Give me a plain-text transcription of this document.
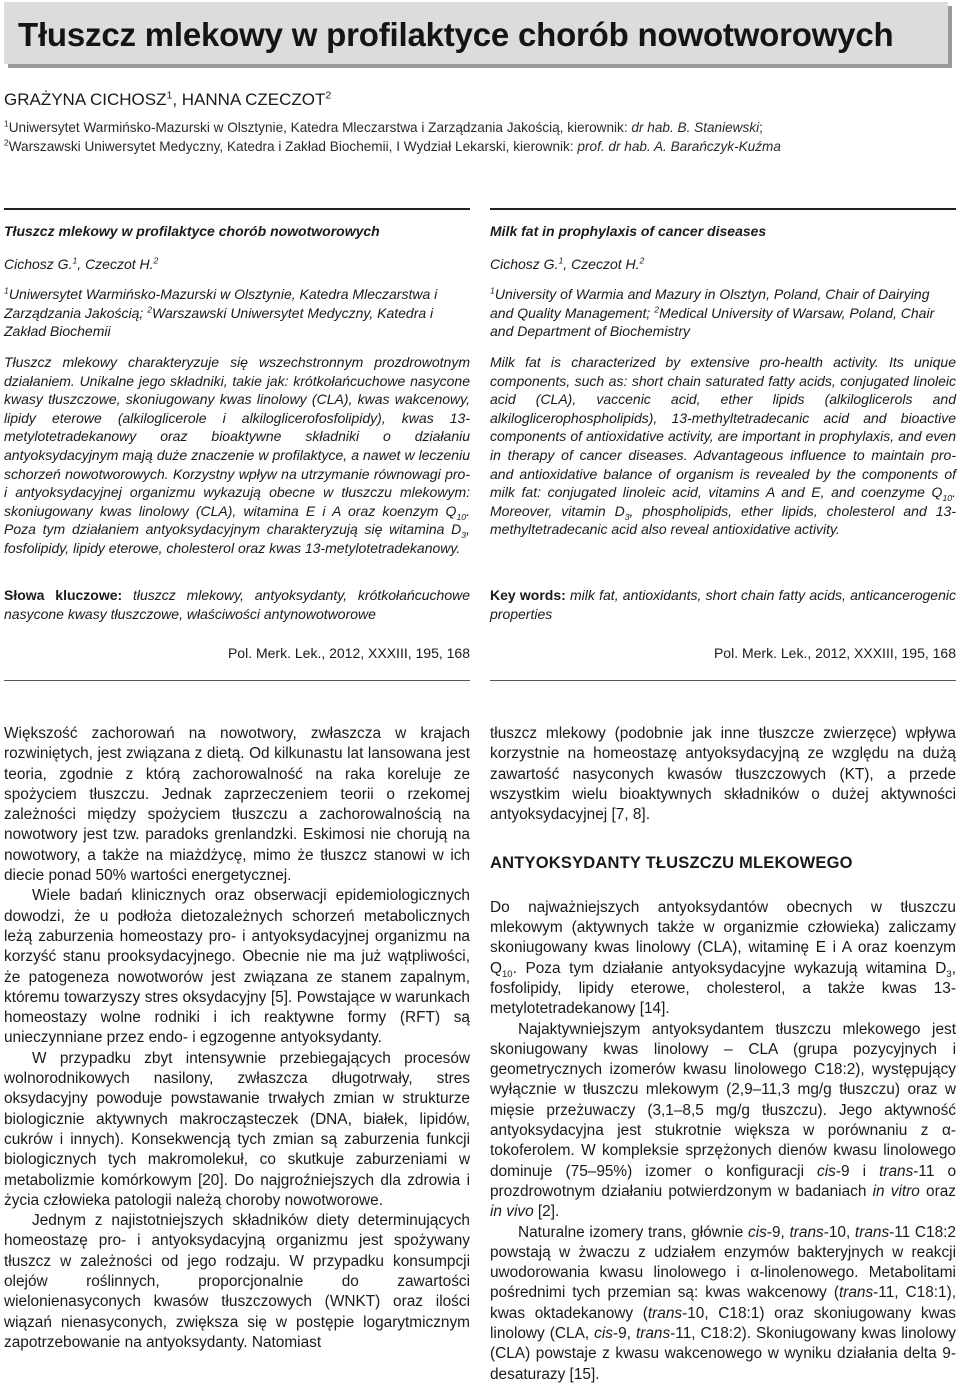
Tłuszcz mlekowy w profilaktyce chorób nowotworowych
GRAŻYNA CICHOSZ$^1$, HANNA CZECZOT$^2$
$^1$Uniwersytet Warmińsko-Mazurski w Olsztynie, Katedra Mleczarstwa i Zarządzania Jakością, kierownik: dr hab. B. Staniewski;
$^2$Warszawski Uniwersytet Medyczny, Katedra i Zakład Biochemii, I Wydział Lekarski, kierownik: prof. dr hab. A. Barańczyk-Kuźma
Tłuszcz mlekowy w profilaktyce chorób nowotworowych
Cichosz G.$^1$, Czeczot H.$^2$
$^1$Uniwersytet Warmińsko-Mazurski w Olsztynie, Katedra Mleczarstwa i Zarządzania Jakością; $^2$Warszawski Uniwersytet Medyczny, Katedra i Zakład Biochemii

Tłuszcz mlekowy charakteryzuje się wszechstronnym prozdrowotnym działaniem. Unikalne jego składniki, takie jak: krótkołańcuchowe nasycone kwasy tłuszczowe, skoniugowany kwas linolowy (CLA), kwas wakcenowy, lipidy eterowe (alkiloglicerole i alkiloglicerofosfolipidy), kwas 13-metylotetradekanowy oraz bioaktywne składniki o działaniu antyoksydacyjnym mają duże znaczenie w profilaktyce, a nawet w leczeniu schorzeń nowotworowych. Korzystny wpływ na utrzymanie równowagi pro-i antyoksydacyjnej organizmu wykazują obecne w tłuszczu mlekowym: skoniugowany kwas linolowy (CLA), witamina E i A oraz koenzym $Q_{10}$. Poza tym działaniem antyoksydacyjnym charakteryzują się witamina $D_3$, fosfolipidy, lipidy eterowe, cholesterol oraz kwas 13-metylotetradekanowy.

Słowa kluczowe: tłuszcz mlekowy, antyoksydanty, krótkołańcuchowe nasycone kwasy tłuszczowe, właściwości antynowotworowe
Pol. Merk. Lek., 2012, XXXIII, 195, 168
Milk fat in prophylaxis of cancer diseases
Cichosz G.$^1$, Czeczot H.$^2$
$^1$University of Warmia and Mazury in Olsztyn, Poland, Chair of Dairying and Quality Management; $^2$Medical University of Warsaw, Poland, Chair and Department of Biochemistry

Milk fat is characterized by extensive pro-health activity. Its unique components, such as: short chain saturated fatty acids, conjugated linoleic acid (CLA), vaccenic acid, ether lipids (alkiloglicerols and alkiloglicerophospholipids), 13-methyltetradecanic acid and bioactive components of antioxidative activity, are important in prophylaxis, and even in therapy of cancer diseases. Advantageous influence to maintain pro- and antioxidative balance of organism is revealed by the components of milk fat: conjugated linoleic acid, vitamins A and E, and coenzyme $Q_{10}$. Moreover, vitamin $D_3$, phospholipids, ether lipids, cholesterol and 13-methyltetradecanic acid also reveal antioxidative activity.

Key words: milk fat, antioxidants, short chain fatty acids, anticancerogenic properties
Pol. Merk. Lek., 2012, XXXIII, 195, 168

Większość zachorowań na nowotwory, zwłaszcza w krajach rozwiniętych, jest związana z dietą. Od kilkunastu lat lansowana jest teoria, zgodnie z którą zachorowalność na raka koreluje ze spożyciem tłuszczu. Jednak zaprzeczeniem teorii o rzekomej zależności między spożyciem tłuszczu a zachorowalnością na nowotwory jest tzw. paradoks grenlandzki. Eskimosi nie chorują na nowotwory, a także na miażdżycę, mimo że tłuszcz stanowi w ich diecie ponad 50% wartości energetycznej.

Wiele badań klinicznych oraz obserwacji epidemiologicznych dowodzi, że u podłoża dietozależnych schorzeń metabolicznych leżą zaburzenia homeostazy pro- i antyoksydacyjnej organizmu na korzyść stanu prooksydacyjnego. Obecnie nie ma już wątpliwości, że patogeneza nowotworów jest związana ze stanem zapalnym, któremu towarzyszy stres oksydacyjny [5]. Powstające w warunkach homeostazy wolne rodniki i ich reaktywne formy (RFT) są unieczynniane przez endo- i egzogenne antyoksydanty.

W przypadku zbyt intensywnie przebiegających procesów wolnorodnikowych nasilony, zwłaszcza długotrwały, stres oksydacyjny powoduje powstawanie trwałych zmian w strukturze biologicznie aktywnych makrocząsteczek (DNA, białek, lipidów, cukrów i innych). Konsekwencją tych zmian są zaburzenia funkcji biologicznych tych makromolekuł, co skutkuje zaburzeniami w metabolizmie komórkowym [20]. Do najgroźniejszych dla zdrowia i życia człowieka patologii należą choroby nowotworowe.

Jednym z najistotniejszych składników diety determinujących homeostazę pro- i antyoksydacyjną organizmu jest spożywany tłuszcz w zależności od jego rodzaju. W przypadku konsumpcji olejów roślinnych, proporcjonalnie do zawartości wielonienasyconych kwasów tłuszczowych (WNKT) oraz ilości wiązań nienasyconych, zwiększa się w postępie logarytmicznym zapotrzebowanie na antyoksydanty. Natomiast

tłuszcz mlekowy (podobnie jak inne tłuszcze zwierzęce) wpływa korzystnie na homeostazę antyoksydacyjną ze względu na dużą zawartość nasyconych kwasów tłuszczowych (KT), a przede wszystkim wielu bioaktywnych składników o dużej aktywności antyoksydacyjnej [7, 8].

ANTYOKSYDANTY TŁUSZCZU MLEKOWEGO

Do najważniejszych antyoksydantów obecnych w tłuszczu mlekowym (aktywnych także w organizmie człowieka) zaliczamy skoniugowany kwas linolowy (CLA), witaminę E i A oraz koenzym $Q_{10}$. Poza tym działanie antyoksydacyjne wykazują witamina $D_3$, fosfolipidy, lipidy eterowe, cholesterol, a także kwas 13-metylotetradekanowy [14].

Najaktywniejszym antyoksydantem tłuszczu mlekowego jest skoniugowany kwas linolowy – CLA (grupa pozycyjnych i geometrycznych izomerów kwasu linolowego C18:2), występujący wyłącznie w tłuszczu mlekowym (2,9–11,3 mg/g tłuszczu) oraz w mięsie przeżuwaczy (3,1–8,5 mg/g tłuszczu). Jego aktywność antyoksydacyjna jest stukrotnie większa w porównaniu z α-tokoferolem. W kompleksie sprzężonych dienów kwasu linolowego dominuje (75–95%) izomer o konfiguracji cis-9 i trans-11 o prozdrowotnym działaniu potwierdzonym w badaniach in vitro oraz in vivo [2].

Naturalne izomery trans, głównie cis-9, trans-10, trans-11 C18:2 powstają w żwaczu z udziałem enzymów bakteryjnych w reakcji uwodorowania kwasu linolowego i α-linolenowego. Metabolitami pośrednimi tych przemian są: kwas wakcenowy (trans-11, C18:1), kwas oktadekanowy (trans-10, C18:1) oraz skoniugowany kwas linolowy (CLA, cis-9, trans-11, C18:2). Skoniugowany kwas linolowy (CLA) powstaje z kwasu wakcenowego w wyniku działania delta 9-desaturazy [15].
